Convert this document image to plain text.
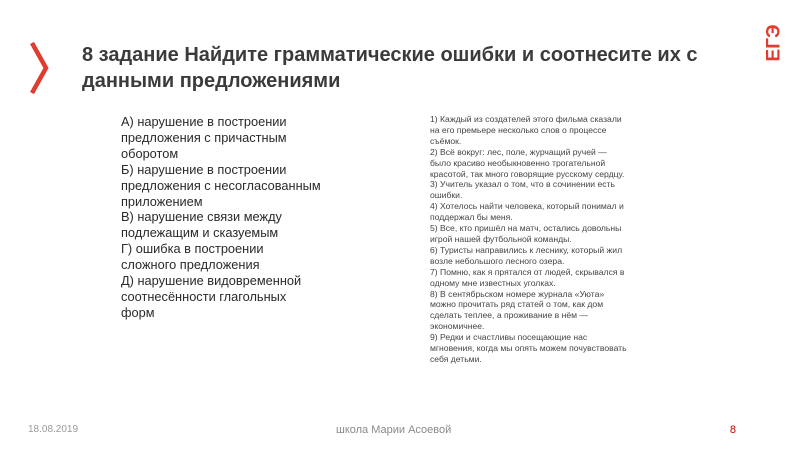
ЕГЭ
8 задание Найдите грамматические ошибки и соотнесите их с данными предложениями
А) нарушение в построении предложения с причастным оборотом
Б) нарушение в построении предложения с несогласованным приложением
В) нарушение связи между подлежащим и сказуемым
Г) ошибка в построении сложного предложения
Д) нарушение видовременной соотнесённости глагольных форм
1) Каждый из создателей этого фильма сказали
на его премьере несколько слов о процессе
съёмок.
2) Всё вокруг: лес, поле, журчащий ручей —
было красиво необыкновенно трогательной
красотой, так много говорящие русскому сердцу.
3) Учитель указал о том, что в сочинении есть
ошибки.
4) Хотелось найти человека, который понимал и
поддержал бы меня.
5) Все, кто пришёл на матч, остались довольны
игрой нашей футбольной команды.
6) Туристы направились к леснику, который жил
возле небольшого лесного озера.
7) Помню, как я прятался от людей, скрывался в
одному мне известных уголках.
8) В сентябрьском номере журнала «Уюта»
можно прочитать ряд статей о том, как дом
сделать теплее, а проживание в нём —
экономичнее.
9) Редки и счастливы посещающие нас
мгновения, когда мы опять можем почувствовать
себя детьми.
18.08.2019	школа Марии Асоевой	8
